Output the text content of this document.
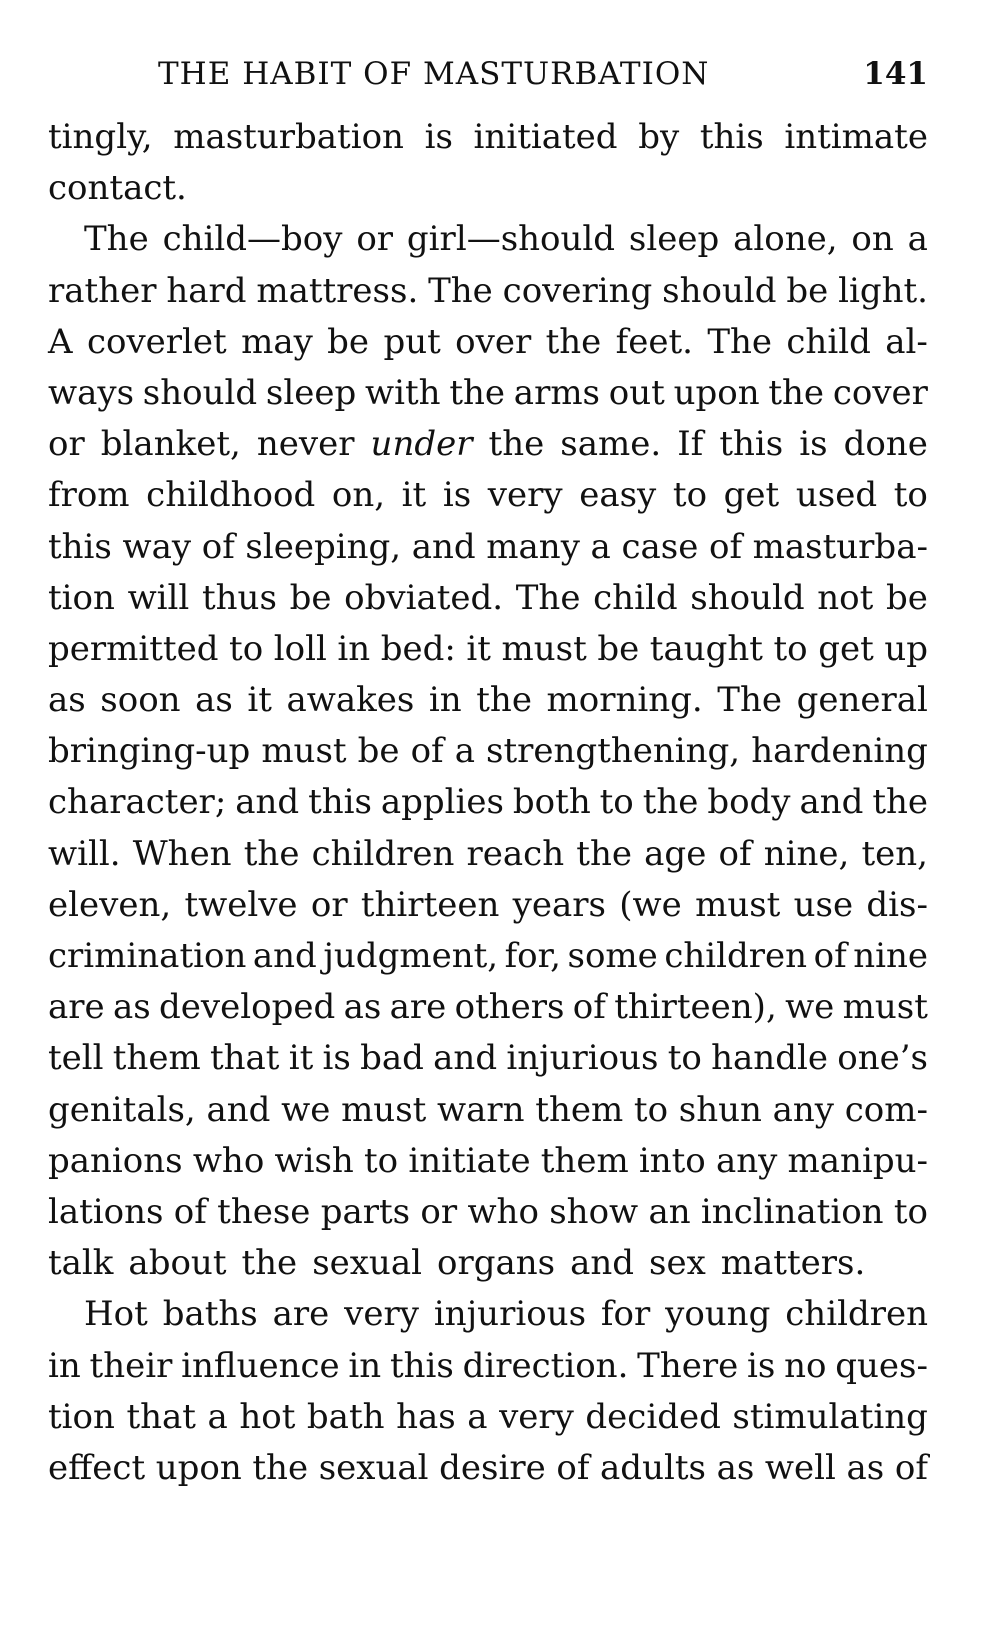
THE HABIT OF MASTURBATION	141
tingly, masturbation is initiated by this intimate
contact.
The child—boy or girl—should sleep alone, on a
rather hard mattress. The covering should be light.
A coverlet may be put over the feet. The child al-
ways should sleep with the arms out upon the cover
or blanket, never under the same. If this is done
from childhood on, it is very easy to get used to
this way of sleeping, and many a case of masturba-
tion will thus be obviated. The child should not be
permitted to loll in bed: it must be taught to get up
as soon as it awakes in the morning. The general
bringing-up must be of a strengthening, hardening
character; and this applies both to the body and the
will. When the children reach the age of nine, ten,
eleven, twelve or thirteen years (we must use dis-
crimination and judgment, for, some children of nine
are as developed as are others of thirteen), we must
tell them that it is bad and injurious to handle one’s
genitals, and we must warn them to shun any com-
panions who wish to initiate them into any manipu-
lations of these parts or who show an inclination to
talk about the sexual organs and sex matters.
Hot baths are very injurious for young children
in their influence in this direction. There is no ques-
tion that a hot bath has a very decided stimulating
effect upon the sexual desire of adults as well as of
